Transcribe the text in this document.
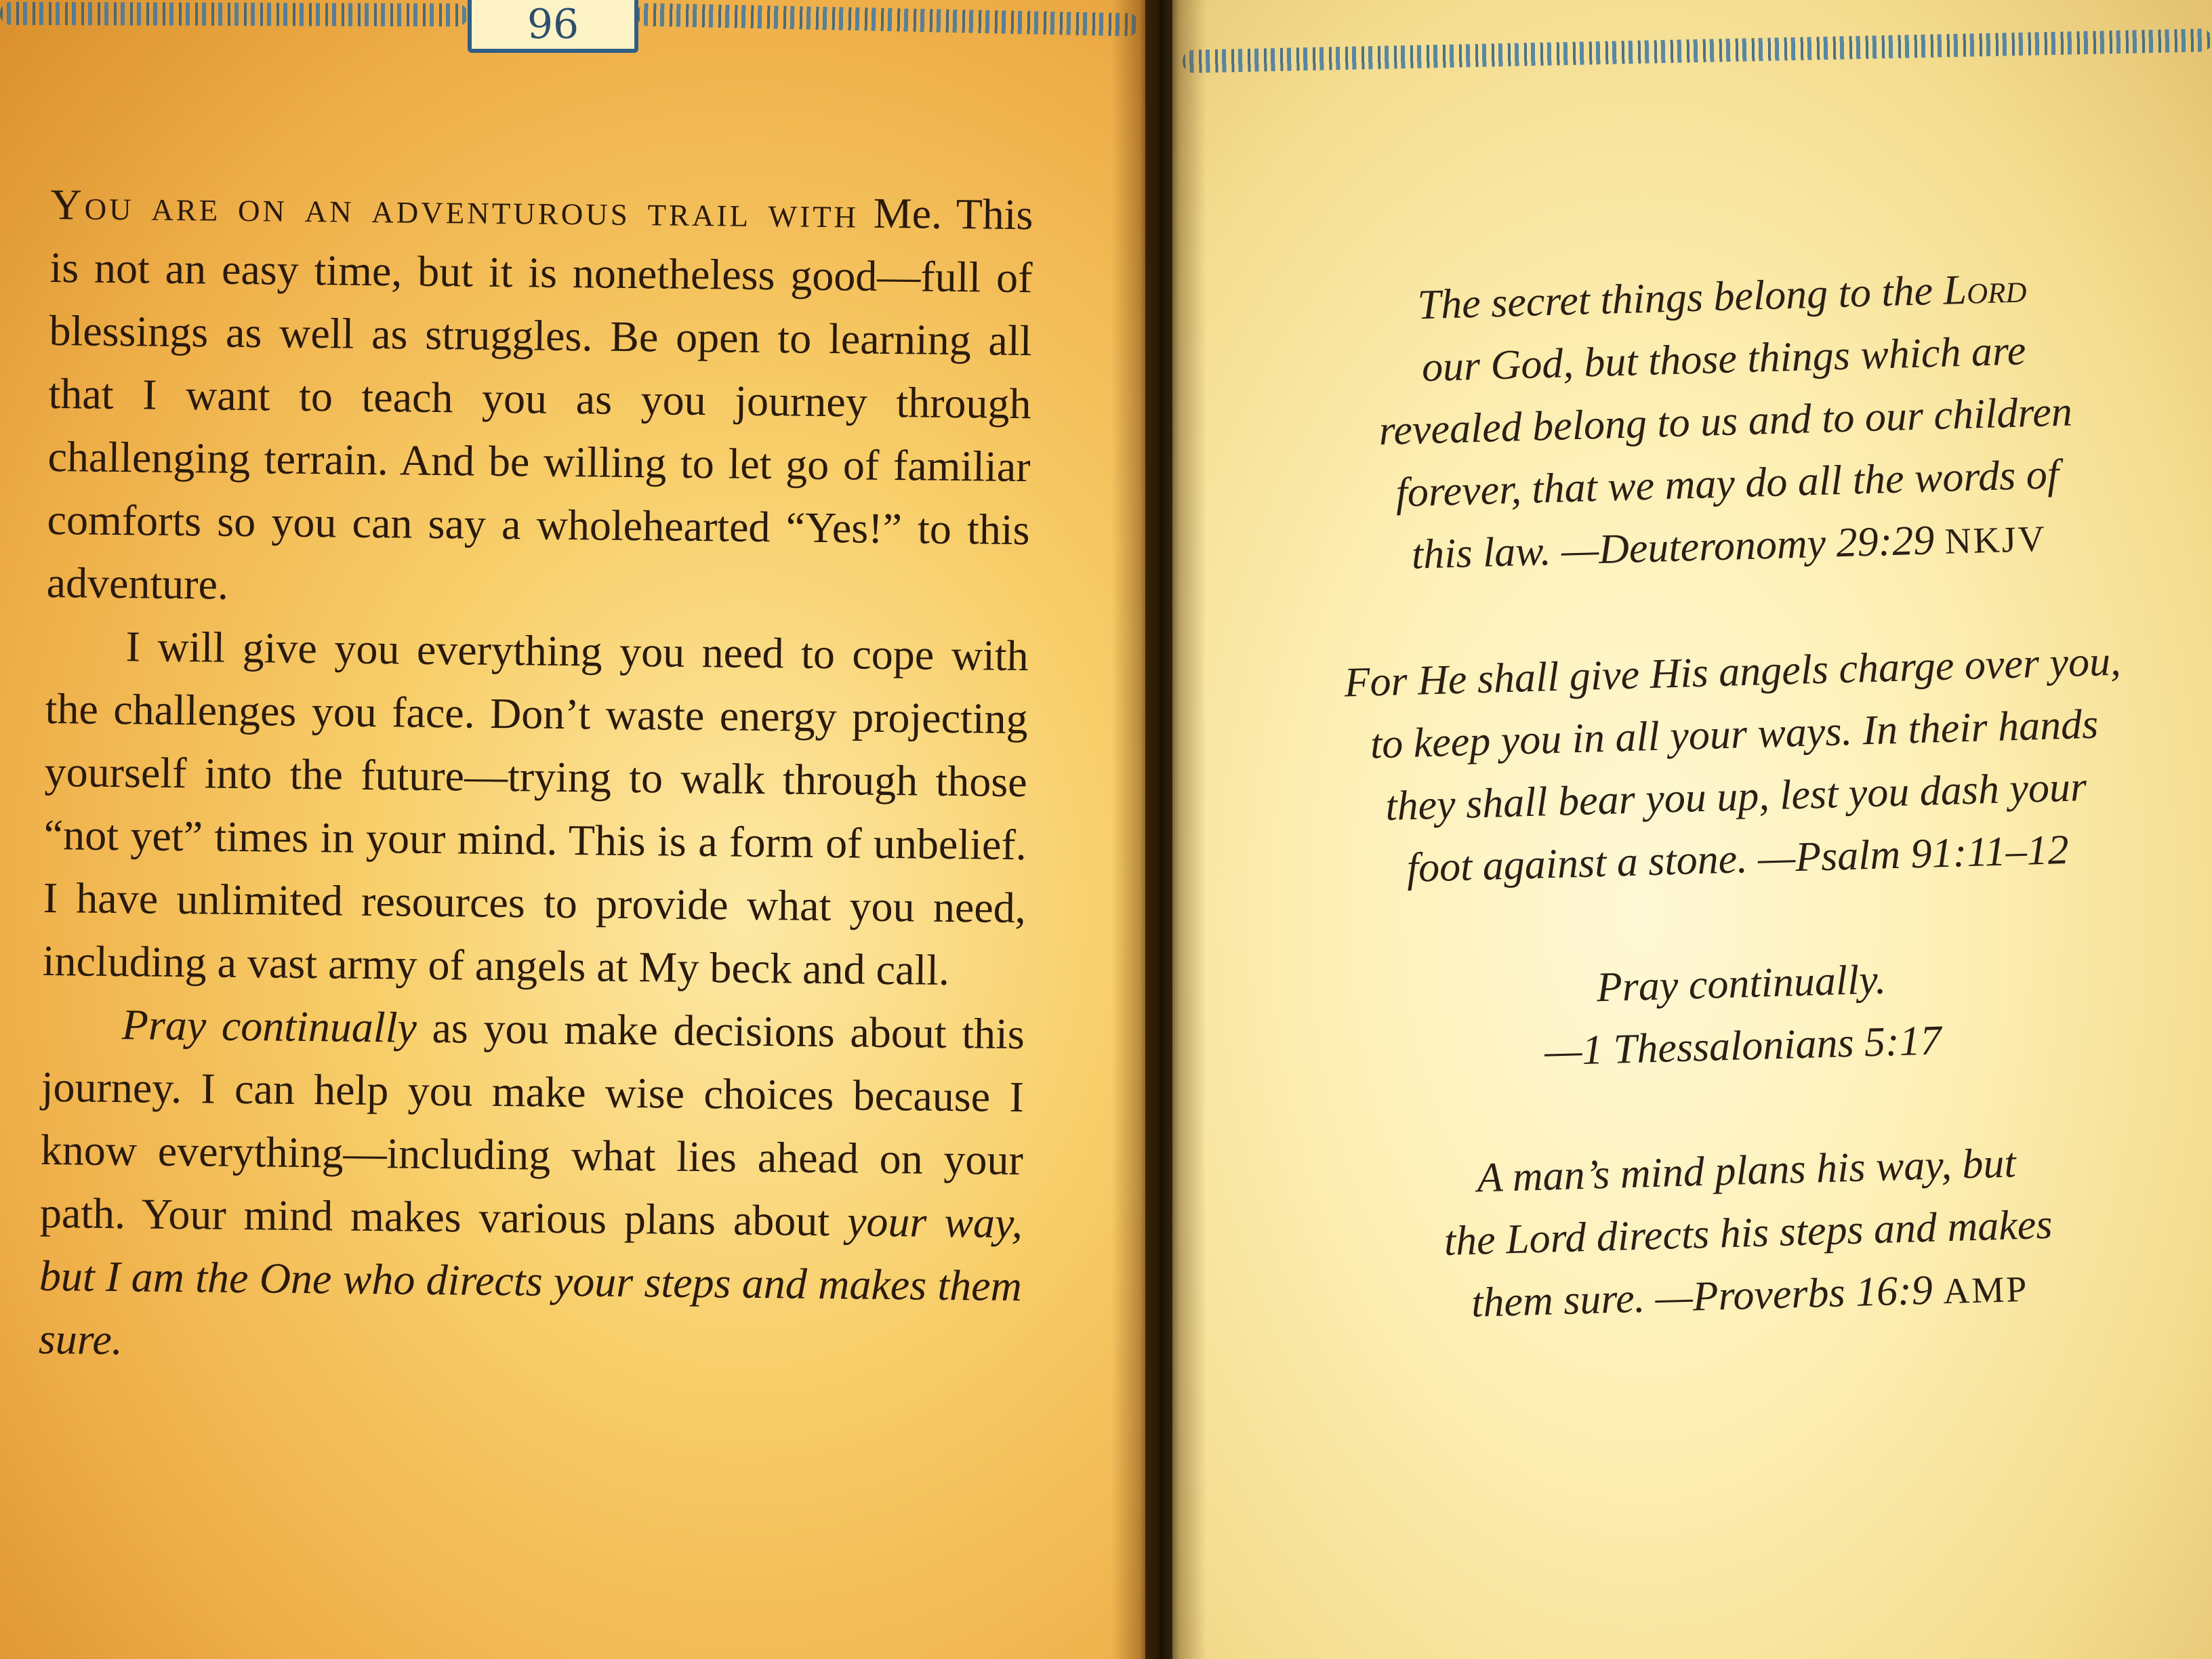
96

You are on an adventurous trail with Me. This is not an easy time, but it is nonetheless good—full of blessings as well as struggles. Be open to learning all that I want to teach you as you journey through challenging terrain. And be willing to let go of familiar comforts so you can say a wholehearted “Yes!” to this adventure.

I will give you everything you need to cope with the challenges you face. Don’t waste energy projecting yourself into the future—trying to walk through those “not yet” times in your mind. This is a form of unbelief. I have unlimited resources to provide what you need, including a vast army of angels at My beck and call.

Pray continually as you make decisions about this journey. I can help you make wise choices because I know everything—including what lies ahead on your path. Your mind makes various plans about your way, but I am the One who directs your steps and makes them sure.

The secret things belong to the Lord
our God, but those things which are
revealed belong to us and to our children
forever, that we may do all the words of
this law. —Deuteronomy 29:29 NKJV
For He shall give His angels charge over you,
to keep you in all your ways. In their hands
they shall bear you up, lest you dash your
foot against a stone. —Psalm 91:11–12
Pray continually.
—1 Thessalonians 5:17
A man’s mind plans his way, but
the Lord directs his steps and makes
them sure. —Proverbs 16:9 AMP
